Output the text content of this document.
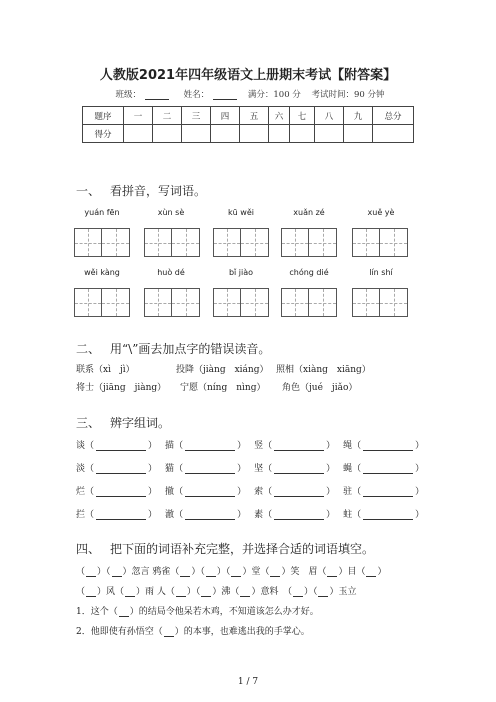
人教版2021年四年级语文上册期末考试【附答案】
班级：	姓名：	满分：100 分 考试时间：90 分钟
题序	一	二	三	四	五	六	七	八	九	总分
得分										
一、 看拼音，写词语。
yuán fēn	xùn sè	kū wěi	xuǎn zé	xuě yè
wěi kàng	huò dé	bǐ jiào	chóng dié	lín shí
二、 用“\”画去加点字的错误读音。
联系（xì　jì）	投降（jiàng　xiáng） 照相（xiàng　xiāng）
将士（jiāng　jiàng） 宁愿（níng　nìng） 角色（jué　jiǎo）
三、 辨字组词。
谈（	） 描（	） 竖（	） 绳（	）
淡（	） 猫（	） 坚（	） 蝇（	）
烂（	） 撤（	） 索（	） 驻（	）
拦（	） 澈（	） 素（	） 蛀（	）
四、 把下面的词语补充完整，并选择合适的词语填空。
（ ）（ ）忽言 鸦雀（ ）（ ）（ ）堂（ ）笑　眉（ ）目（ ）
（ ）风（ ）雨 人（ ）（ ）沸（ ）意料　（ ）（ ）玉立
1．这个（ ）的结局令他呆若木鸡，不知道该怎么办才好。
2．他即使有孙悟空（ ）的本事，也难逃出我的手掌心。
1 / 7
